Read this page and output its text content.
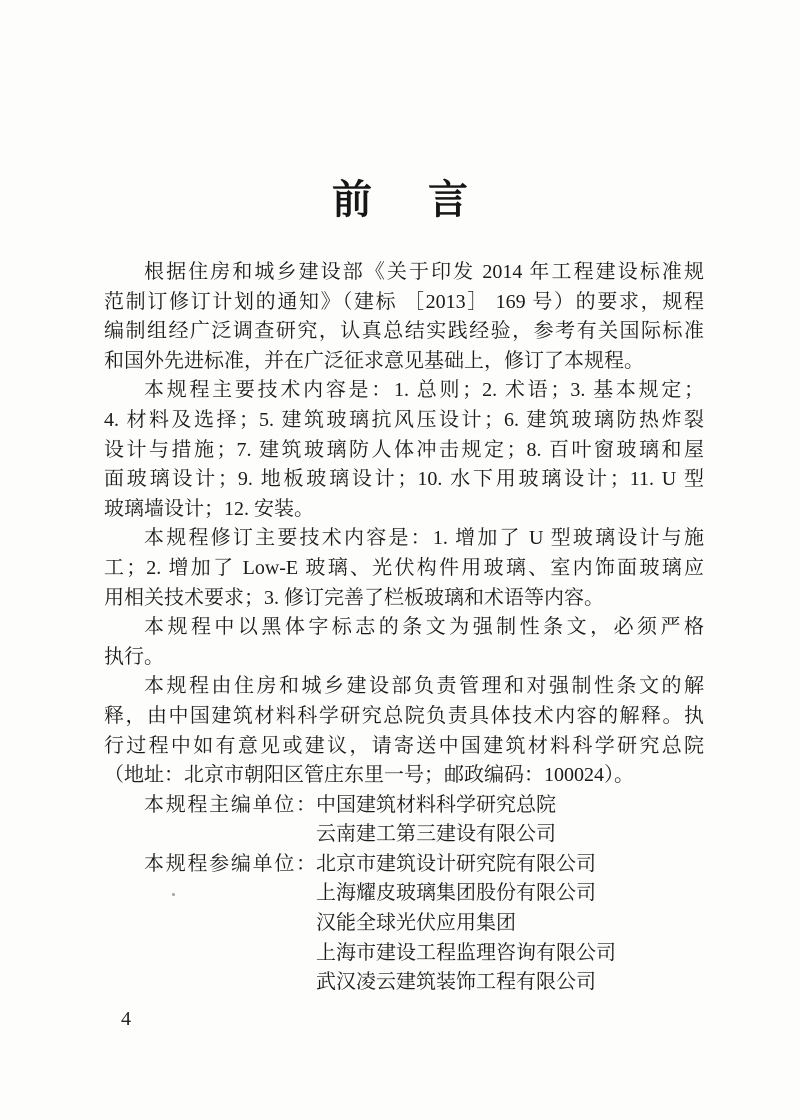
前言
根据住房和城乡建设部《关于印发 2014 年工程建设标准规
范制订修订计划的通知》（建标 ［2013］ 169 号）的要求，规程
编制组经广泛调查研究，认真总结实践经验，参考有关国际标准
和国外先进标准，并在广泛征求意见基础上，修订了本规程。
本规程主要技术内容是：1. 总则；2. 术语；3. 基本规定；
4. 材料及选择；5. 建筑玻璃抗风压设计；6. 建筑玻璃防热炸裂
设计与措施；7. 建筑玻璃防人体冲击规定；8. 百叶窗玻璃和屋
面玻璃设计；9. 地板玻璃设计；10. 水下用玻璃设计；11. U 型
玻璃墙设计；12. 安装。
本规程修订主要技术内容是：1. 增加了 U 型玻璃设计与施
工；2. 增加了 Low-E 玻璃、光伏构件用玻璃、室内饰面玻璃应
用相关技术要求；3. 修订完善了栏板玻璃和术语等内容。
本规程中以黑体字标志的条文为强制性条文，必须严格
执行。
本规程由住房和城乡建设部负责管理和对强制性条文的解
释，由中国建筑材料科学研究总院负责具体技术内容的解释。执
行过程中如有意见或建议，请寄送中国建筑材料科学研究总院
（地址：北京市朝阳区管庄东里一号；邮政编码：100024）。
本规程主编单位： 中国建筑材料科学研究总院
云南建工第三建设有限公司
本规程参编单位： 北京市建筑设计研究院有限公司
上海耀皮玻璃集团股份有限公司
汉能全球光伏应用集团
上海市建设工程监理咨询有限公司
武汉凌云建筑装饰工程有限公司
4
